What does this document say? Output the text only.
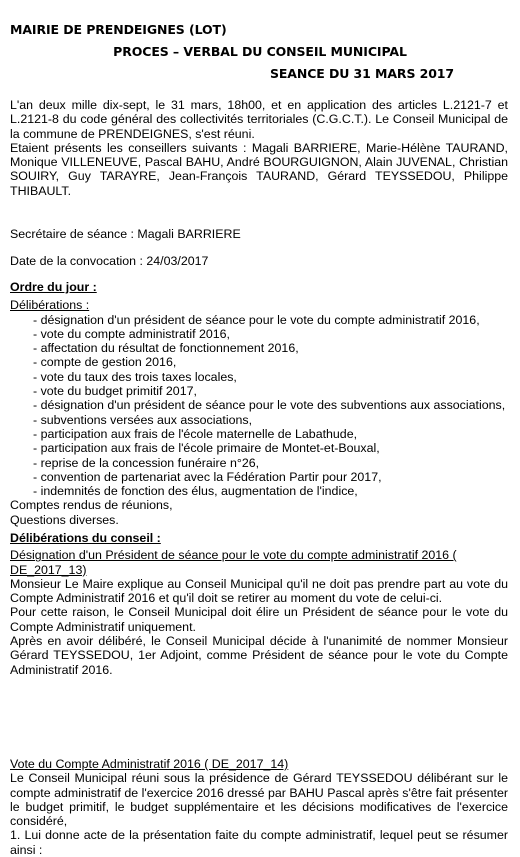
MAIRIE DE PRENDEIGNES (LOT)
PROCES – VERBAL DU CONSEIL MUNICIPAL
SEANCE DU 31 MARS 2017

L'an deux mille dix-sept, le 31 mars, 18h00, et en application des articles L.2121-7 et L.2121-8 du code général des collectivités territoriales (C.G.C.T.). Le Conseil Municipal de la commune de PRENDEIGNES, s'est réuni.

Etaient présents les conseillers suivants : Magali BARRIERE, Marie-Hélène TAURAND, Monique VILLENEUVE, Pascal BAHU, André BOURGUIGNON, Alain JUVENAL, Christian SOUIRY, Guy TARAYRE, Jean-François TAURAND, Gérard TEYSSEDOU, Philippe THIBAULT.

Secrétaire de séance : Magali BARRIERE
Date de la convocation : 24/03/2017

Ordre du jour :

Délibérations :

- désignation d'un président de séance pour le vote du compte administratif 2016,
- vote du compte administratif 2016,
- affectation du résultat de fonctionnement 2016,
- compte de gestion 2016,
- vote du taux des trois taxes locales,
- vote du budget primitif 2017,
- désignation d'un président de séance pour le vote des subventions aux associations,
- subventions versées aux associations,
- participation aux frais de l'école maternelle de Labathude,
- participation aux frais de l'école primaire de Montet-et-Bouxal,
- reprise de la concession funéraire n°26,
- convention de partenariat avec la Fédération Partir pour 2017,
- indemnités de fonction des élus, augmentation de l'indice,
Comptes rendus de réunions,
Questions diverses.

Délibérations du conseil :

Désignation d'un Président de séance pour le vote du compte administratif 2016 ( DE_2017_13)

Monsieur Le Maire explique au Conseil Municipal qu'il ne doit pas prendre part au vote du Compte Administratif 2016 et qu'il doit se retirer au moment du vote de celui-ci.

Pour cette raison, le Conseil Municipal doit élire un Président de séance pour le vote du Compte Administratif uniquement.

Après en avoir délibéré, le Conseil Municipal décide à l'unanimité de nommer Monsieur Gérard TEYSSEDOU, 1er Adjoint, comme Président de séance pour le vote du Compte Administratif 2016.

Vote du Compte Administratif 2016 ( DE_2017_14)

Le Conseil Municipal réuni sous la présidence de Gérard TEYSSEDOU délibérant sur le compte administratif de l'exercice 2016 dressé par BAHU Pascal après s'être fait présenter le budget primitif, le budget supplémentaire et les décisions modificatives de l'exercice considéré,

1. Lui donne acte de la présentation faite du compte administratif, lequel peut se résumer ainsi :
